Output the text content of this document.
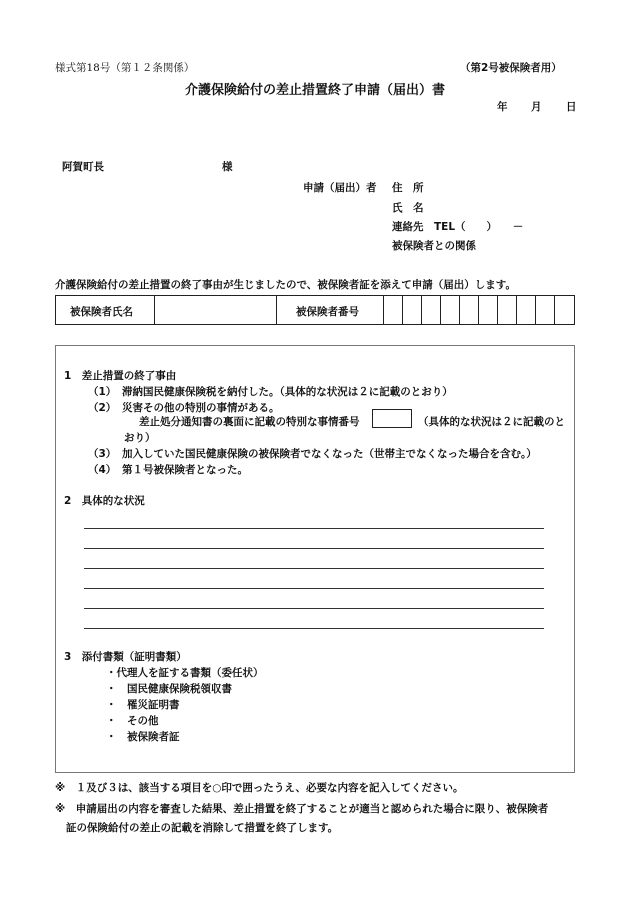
様式第18号（第１２条関係）	（第2号被保険者用）
介護保険給付の差止措置終了申請（届出）書
年 月 日
阿賀町長	様
申請（届出）者 住　所
氏　名
連絡先　TEL（　　）　　－
被保険者との関係
介護保険給付の差止措置の終了事由が生じましたので、被保険者証を添えて申請（届出）します。
被保険者氏名	被保険者番号
1　差止措置の終了事由
（1） 滞納国民健康保険税を納付した。（具体的な状況は２に記載のとおり）
（2） 災害その他の特別の事情がある。
差止処分通知書の裏面に記載の特別な事情番号	（具体的な状況は２に記載のと
おり）
（3） 加入していた国民健康保険の被保険者でなくなった（世帯主でなくなった場合を含む。）
（4） 第１号被保険者となった。
2　具体的な状況
3　添付書類（証明書類）
・代理人を証する書類（委任状）
・　国民健康保険税領収書
・　罹災証明書
・　その他
・　被保険者証
※　１及び３は、該当する項目を○印で囲ったうえ、必要な内容を記入してください。
※　申請届出の内容を審査した結果、差止措置を終了することが適当と認められた場合に限り、被保険者
証の保険給付の差止の記載を消除して措置を終了します。
